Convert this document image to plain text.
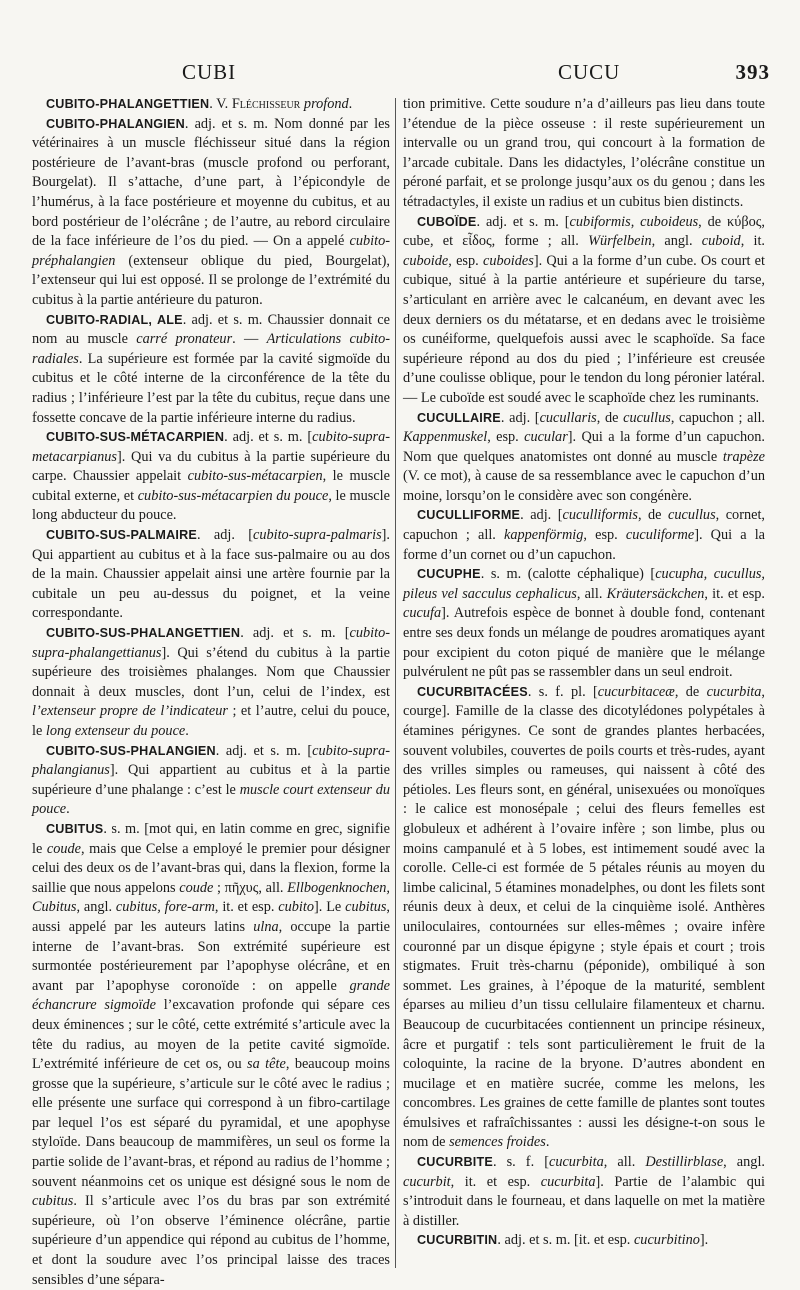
CUBI	CUCU	393

CUBITO-PHALANGETTIEN. V. Fléchisseur profond.

CUBITO-PHALANGIEN. adj. et s. m. Nom donné par les vétérinaires à un muscle fléchisseur situé dans la région postérieure de l’avant-bras (muscle profond ou perforant, Bourgelat). Il s’attache, d’une part, à l’épicondyle de l’humérus, à la face postérieure et moyenne du cubitus, et au bord postérieur de l’olécrâne ; de l’autre, au rebord circulaire de la face inférieure de l’os du pied. — On a appelé cubito-préphalangien (extenseur oblique du pied, Bourgelat), l’extenseur qui lui est opposé. Il se prolonge de l’extrémité du cubitus à la partie antérieure du paturon.

CUBITO-RADIAL, ALE. adj. et s. m. Chaussier donnait ce nom au muscle carré pronateur. — Articulations cubito-radiales. La supérieure est formée par la cavité sigmoïde du cubitus et le côté interne de la circonférence de la tête du radius ; l’inférieure l’est par la tête du cubitus, reçue dans une fossette concave de la partie inférieure interne du radius.

CUBITO-SUS-MÉTACARPIEN. adj. et s. m. [cubito-supra-metacarpianus]. Qui va du cubitus à la partie supérieure du carpe. Chaussier appelait cubito-sus-métacarpien, le muscle cubital externe, et cubito-sus-métacarpien du pouce, le muscle long abducteur du pouce.

CUBITO-SUS-PALMAIRE. adj. [cubito-supra-palmaris]. Qui appartient au cubitus et à la face sus-palmaire ou au dos de la main. Chaussier appelait ainsi une artère fournie par la cubitale un peu au-dessus du poignet, et la veine correspondante.

CUBITO-SUS-PHALANGETTIEN. adj. et s. m. [cubito-supra-phalangettianus]. Qui s’étend du cubitus à la partie supérieure des troisièmes phalanges. Nom que Chaussier donnait à deux muscles, dont l’un, celui de l’index, est l’extenseur propre de l’indicateur ; et l’autre, celui du pouce, le long extenseur du pouce.

CUBITO-SUS-PHALANGIEN. adj. et s. m. [cubito-supra-phalangianus]. Qui appartient au cubitus et à la partie supérieure d’une phalange : c’est le muscle court extenseur du pouce.

CUBITUS. s. m. [mot qui, en latin comme en grec, signifie le coude, mais que Celse a employé le premier pour désigner celui des deux os de l’avant-bras qui, dans la flexion, forme la saillie que nous appelons coude ; πῆχυς, all. Ellbogenknochen, Cubitus, angl. cubitus, fore-arm, it. et esp. cubito]. Le cubitus, aussi appelé par les auteurs latins ulna, occupe la partie interne de l’avant-bras. Son extrémité supérieure est surmontée postérieurement par l’apophyse olécrâne, et en avant par l’apophyse coronoïde : on appelle grande échancrure sigmoïde l’excavation profonde qui sépare ces deux éminences ; sur le côté, cette extrémité s’articule avec la tête du radius, au moyen de la petite cavité sigmoïde. L’extrémité inférieure de cet os, ou sa tête, beaucoup moins grosse que la supérieure, s’articule sur le côté avec le radius ; elle présente une surface qui correspond à un fibro-cartilage par lequel l’os est séparé du pyramidal, et une apophyse styloïde. Dans beaucoup de mammifères, un seul os forme la partie solide de l’avant-bras, et répond au radius de l’homme ; souvent néanmoins cet os unique est désigné sous le nom de cubitus. Il s’articule avec l’os du bras par son extrémité supérieure, où l’on observe l’éminence olécrâne, partie supérieure d’un appendice qui répond au cubitus de l’homme, et dont la soudure avec l’os principal laisse des traces sensibles d’une sépara-

tion primitive. Cette soudure n’a d’ailleurs pas lieu dans toute l’étendue de la pièce osseuse : il reste supérieurement un intervalle ou un grand trou, qui concourt à la formation de l’arcade cubitale. Dans les didactyles, l’olécrâne constitue un péroné parfait, et se prolonge jusqu’aux os du genou ; dans les tétradactyles, il existe un radius et un cubitus bien distincts.

CUBOÏDE. adj. et s. m. [cubiformis, cuboideus, de κύβος, cube, et εἶδος, forme ; all. Würfelbein, angl. cuboid, it. cuboide, esp. cuboides]. Qui a la forme d’un cube. Os court et cubique, situé à la partie antérieure et supérieure du tarse, s’articulant en arrière avec le calcanéum, en devant avec les deux derniers os du métatarse, et en dedans avec le troisième os cunéiforme, quelquefois aussi avec le scaphoïde. Sa face supérieure répond au dos du pied ; l’inférieure est creusée d’une coulisse oblique, pour le tendon du long péronier latéral. — Le cuboïde est soudé avec le scaphoïde chez les ruminants.

CUCULLAIRE. adj. [cucullaris, de cucullus, capuchon ; all. Kappenmuskel, esp. cucular]. Qui a la forme d’un capuchon. Nom que quelques anatomistes ont donné au muscle trapèze (V. ce mot), à cause de sa ressemblance avec le capuchon d’un moine, lorsqu’on le considère avec son congénère.

CUCULLIFORME. adj. [cuculliformis, de cucullus, cornet, capuchon ; all. kappenförmig, esp. cuculiforme]. Qui a la forme d’un cornet ou d’un capuchon.

CUCUPHE. s. m. (calotte céphalique) [cucupha, cucullus, pileus vel sacculus cephalicus, all. Kräutersäckchen, it. et esp. cucufa]. Autrefois espèce de bonnet à double fond, contenant entre ses deux fonds un mélange de poudres aromatiques ayant pour excipient du coton piqué de manière que le mélange pulvérulent ne pût pas se rassembler dans un seul endroit.

CUCURBITACÉES. s. f. pl. [cucurbitaceæ, de cucurbita, courge]. Famille de la classe des dicotylédones polypétales à étamines périgynes. Ce sont de grandes plantes herbacées, souvent volubiles, couvertes de poils courts et très-rudes, ayant des vrilles simples ou rameuses, qui naissent à côté des pétioles. Les fleurs sont, en général, unisexuées ou monoïques : le calice est monosépale ; celui des fleurs femelles est globuleux et adhérent à l’ovaire infère ; son limbe, plus ou moins campanulé et à 5 lobes, est intimement soudé avec la corolle. Celle-ci est formée de 5 pétales réunis au moyen du limbe calicinal, 5 étamines monadelphes, ou dont les filets sont réunis deux à deux, et celui de la cinquième isolé. Anthères uniloculaires, contournées sur elles-mêmes ; ovaire infère couronné par un disque épigyne ; style épais et court ; trois stigmates. Fruit très-charnu (péponide), ombiliqué à son sommet. Les graines, à l’époque de la maturité, semblent éparses au milieu d’un tissu cellulaire filamenteux et charnu. Beaucoup de cucurbitacées contiennent un principe résineux, âcre et purgatif : tels sont particulièrement le fruit de la coloquinte, la racine de la bryone. D’autres abondent en mucilage et en matière sucrée, comme les melons, les concombres. Les graines de cette famille de plantes sont toutes émulsives et rafraîchissantes : aussi les désigne-t-on sous le nom de semences froides.

CUCURBITE. s. f. [cucurbita, all. Destillirblase, angl. cucurbit, it. et esp. cucurbita]. Partie de l’alambic qui s’introduit dans le fourneau, et dans laquelle on met la matière à distiller.

CUCURBITIN. adj. et s. m. [it. et esp. cucurbitino].
